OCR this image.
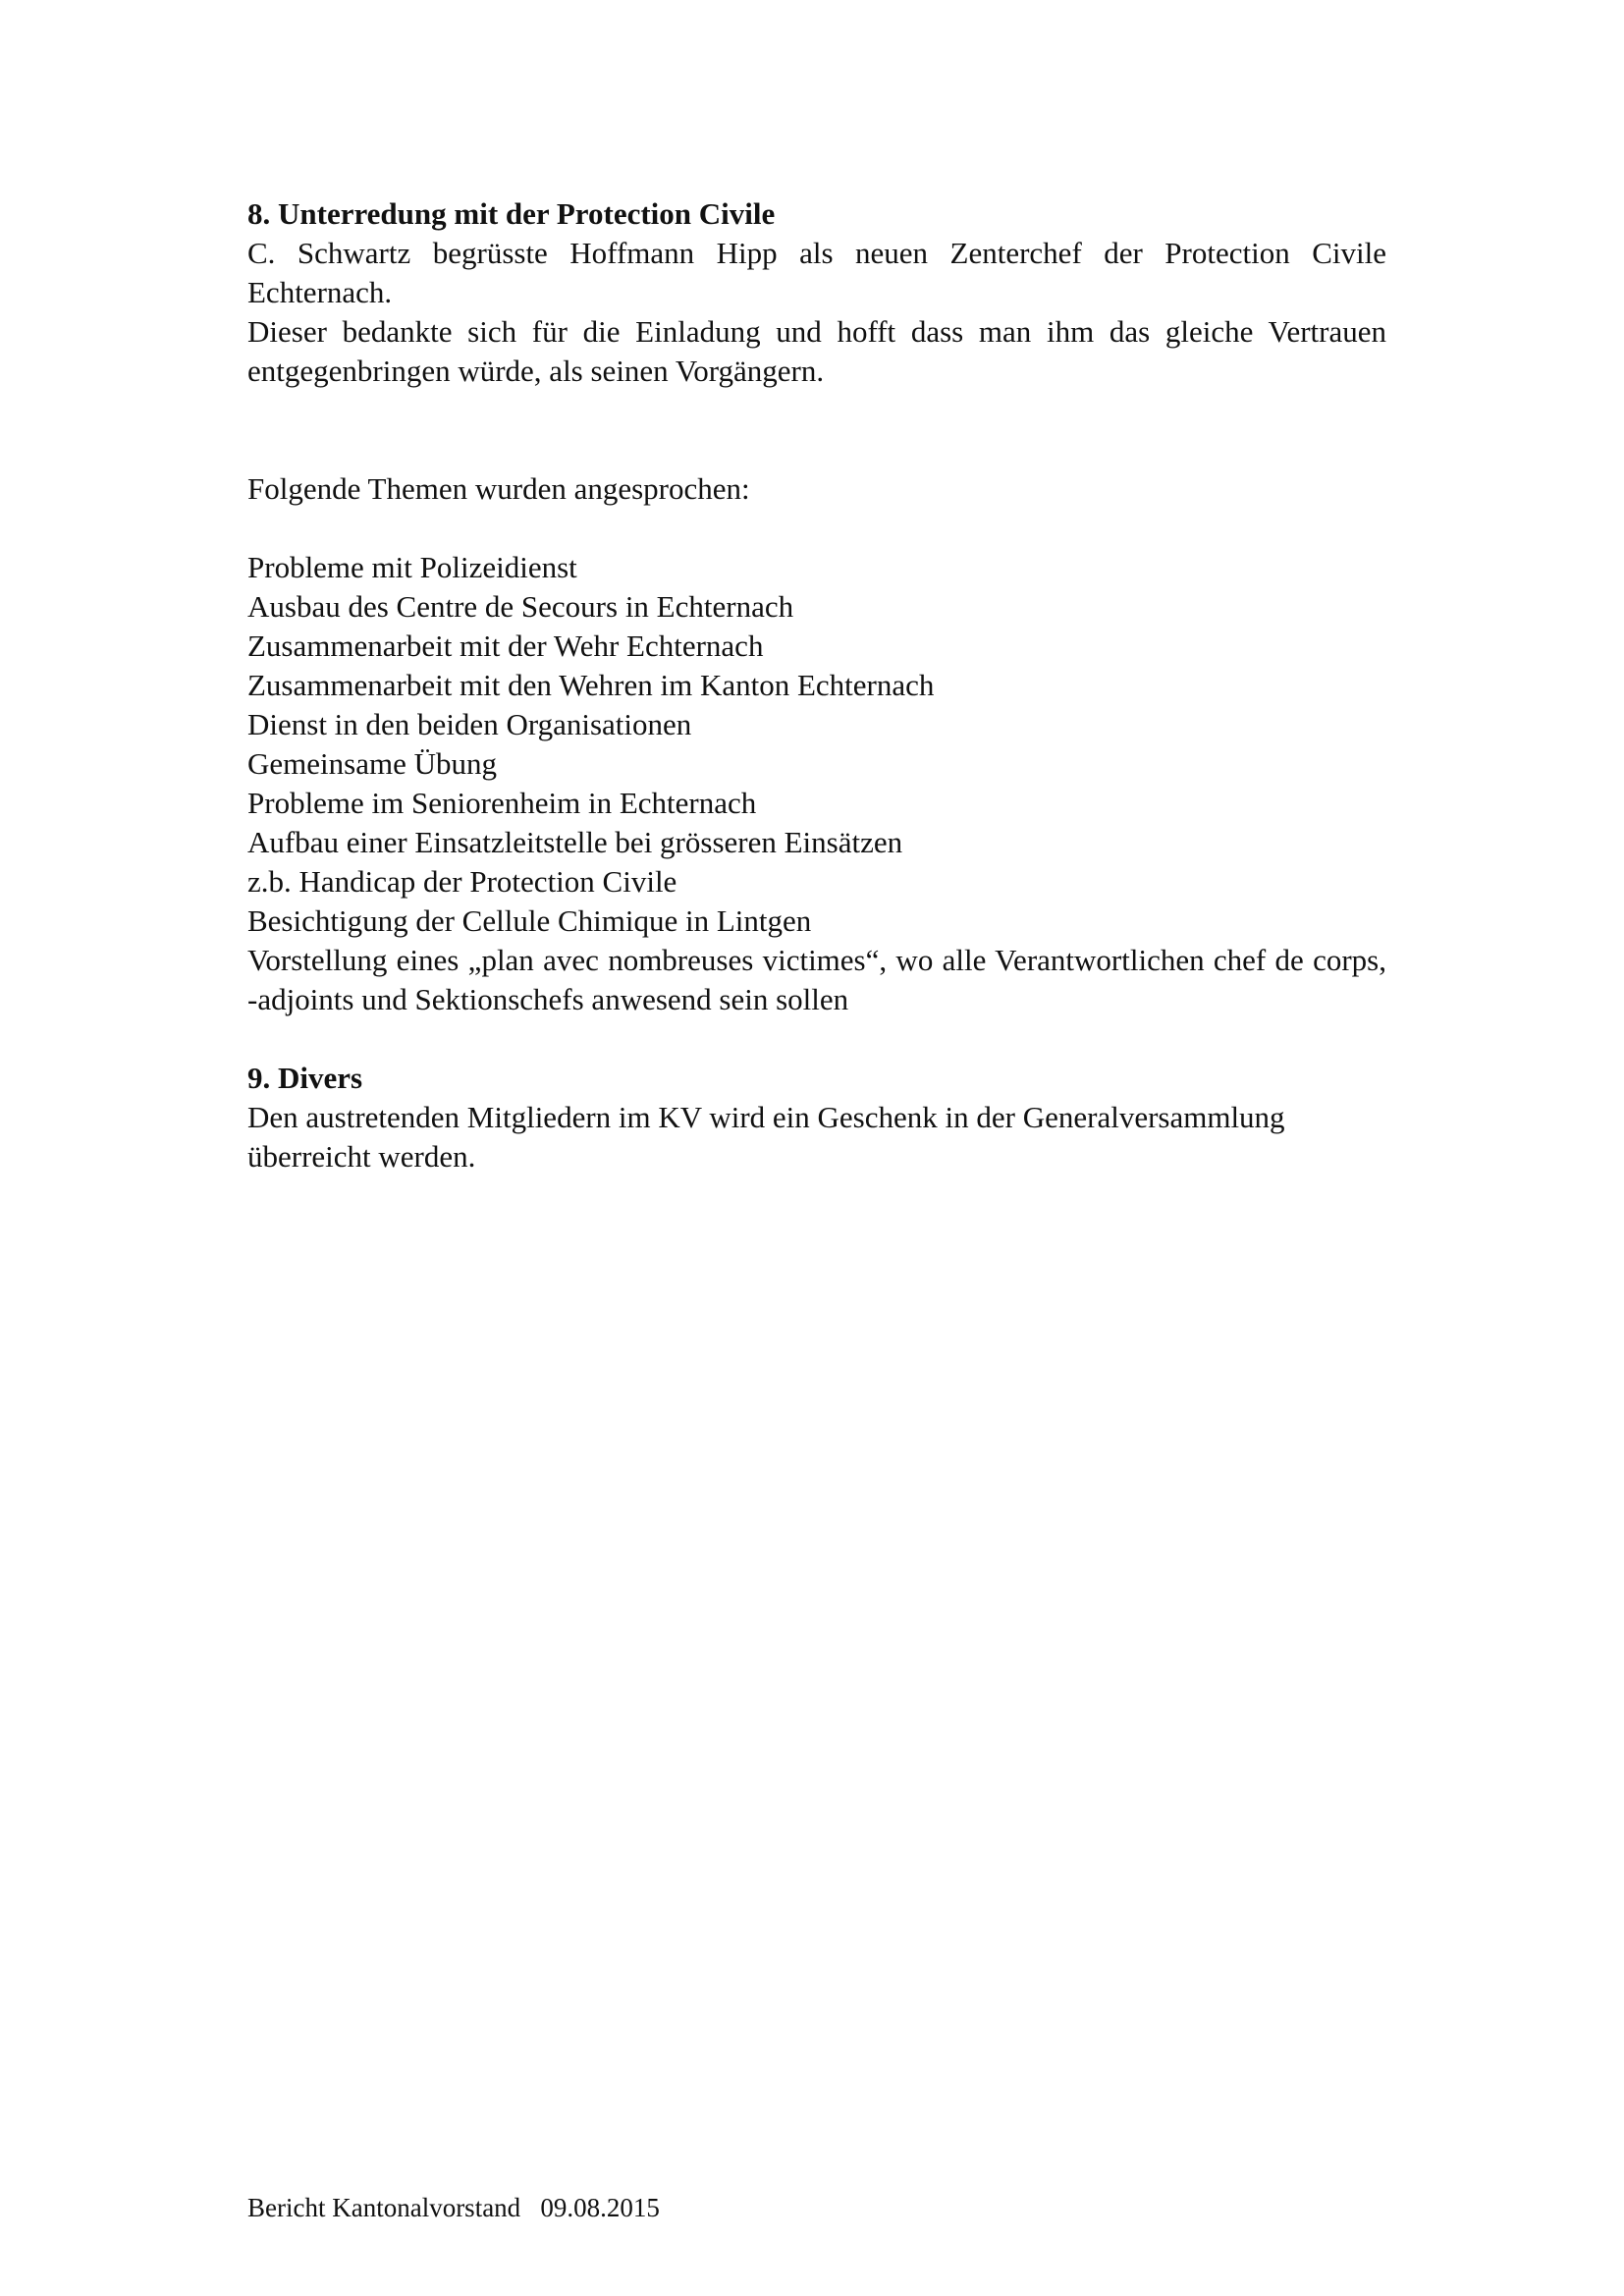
8. Unterredung mit der Protection Civile

C. Schwartz begrüsste Hoffmann Hipp als neuen Zenterchef der Protection Civile Echternach.

Dieser bedankte sich für die Einladung und hofft dass man ihm das gleiche Vertrauen entgegenbringen würde, als seinen Vorgängern.

Folgende Themen wurden angesprochen:

Probleme mit Polizeidienst
Ausbau des Centre de Secours in Echternach
Zusammenarbeit mit der Wehr Echternach
Zusammenarbeit mit den Wehren im Kanton Echternach
Dienst in den beiden Organisationen
Gemeinsame Übung
Probleme im Seniorenheim in Echternach
Aufbau einer Einsatzleitstelle bei grösseren Einsätzen
z.b. Handicap der Protection Civile
Besichtigung der Cellule Chimique in Lintgen
Vorstellung eines „plan avec nombreuses victimes“, wo alle Verantwortlichen chef de corps, -adjoints und Sektionschefs anwesend sein sollen

9. Divers

Den austretenden Mitgliedern im KV wird ein Geschenk in der Generalversammlung überreicht werden.

Bericht Kantonalvorstand   09.08.2015
